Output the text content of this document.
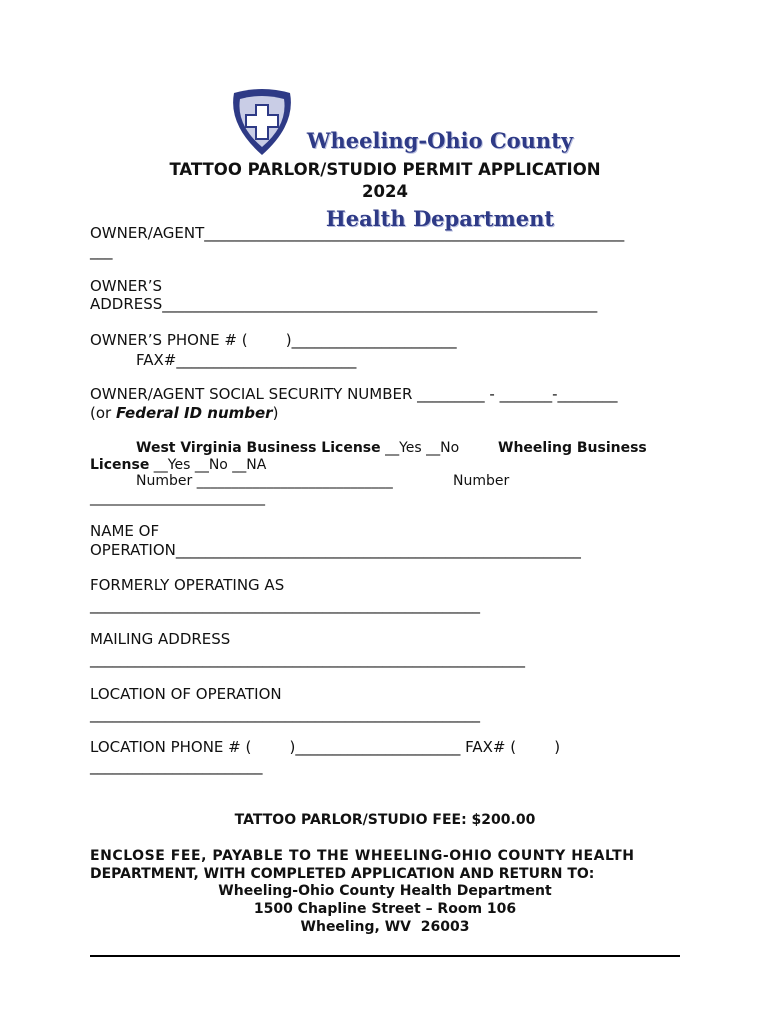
Wheeling-Ohio County

Health Department

TATTOO PARLOR/STUDIO PERMIT APPLICATION
2024
OWNER/AGENT________________________________________________________
___
OWNER’S
ADDRESS__________________________________________________________
OWNER’S PHONE # (        )______________________
FAX#________________________
OWNER/AGENT SOCIAL SECURITY NUMBER _________ - _______-________
(or Federal ID number)
West Virginia Business License __Yes __No	Wheeling Business
License __Yes __No __NA
Number ____________________________	Number
_________________________
NAME OF
OPERATION______________________________________________________
FORMERLY OPERATING AS
____________________________________________________
MAILING ADDRESS
__________________________________________________________
LOCATION OF OPERATION
____________________________________________________
LOCATION PHONE # (        )______________________ FAX# (        )
_______________________
TATTOO PARLOR/STUDIO FEE: $200.00
ENCLOSE FEE, PAYABLE TO THE WHEELING-OHIO COUNTY HEALTH
DEPARTMENT, WITH COMPLETED APPLICATION AND RETURN TO:
Wheeling-Ohio County Health Department
1500 Chapline Street – Room 106
Wheeling, WV  26003
